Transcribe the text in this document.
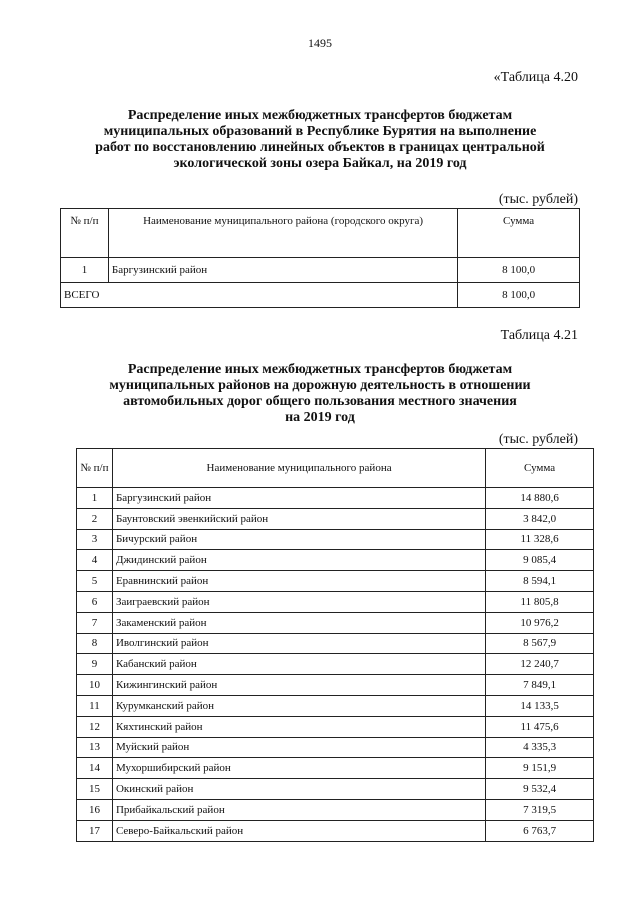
1495
«Таблица 4.20
Распределение иных межбюджетных трансфертов бюджетам
муниципальных образований в Республике Бурятия на выполнение
работ по восстановлению линейных объектов в границах центральной
экологической зоны озера Байкал, на 2019 год
(тыс. рублей)
№ п/п	Наименование муниципального района (городского округа)	Сумма
1	Баргузинский район	8 100,0
ВСЕГО		8 100,0
Таблица 4.21
Распределение иных межбюджетных трансфертов бюджетам
муниципальных районов на дорожную деятельность в отношении
автомобильных дорог общего пользования местного значения
на 2019 год
(тыс. рублей)
№ п/п	Наименование муниципального района	Сумма
1	Баргузинский район	14 880,6
2	Баунтовский эвенкийский район	3 842,0
3	Бичурский район	11 328,6
4	Джидинский район	9 085,4
5	Еравнинский район	8 594,1
6	Заиграевский район	11 805,8
7	Закаменский район	10 976,2
8	Иволгинский район	8 567,9
9	Кабанский район	12 240,7
10	Кижингинский район	7 849,1
11	Курумканский район	14 133,5
12	Кяхтинский район	11 475,6
13	Муйский район	4 335,3
14	Мухоршибирский район	9 151,9
15	Окинский район	9 532,4
16	Прибайкальский район	7 319,5
17	Северо-Байкальский район	6 763,7
